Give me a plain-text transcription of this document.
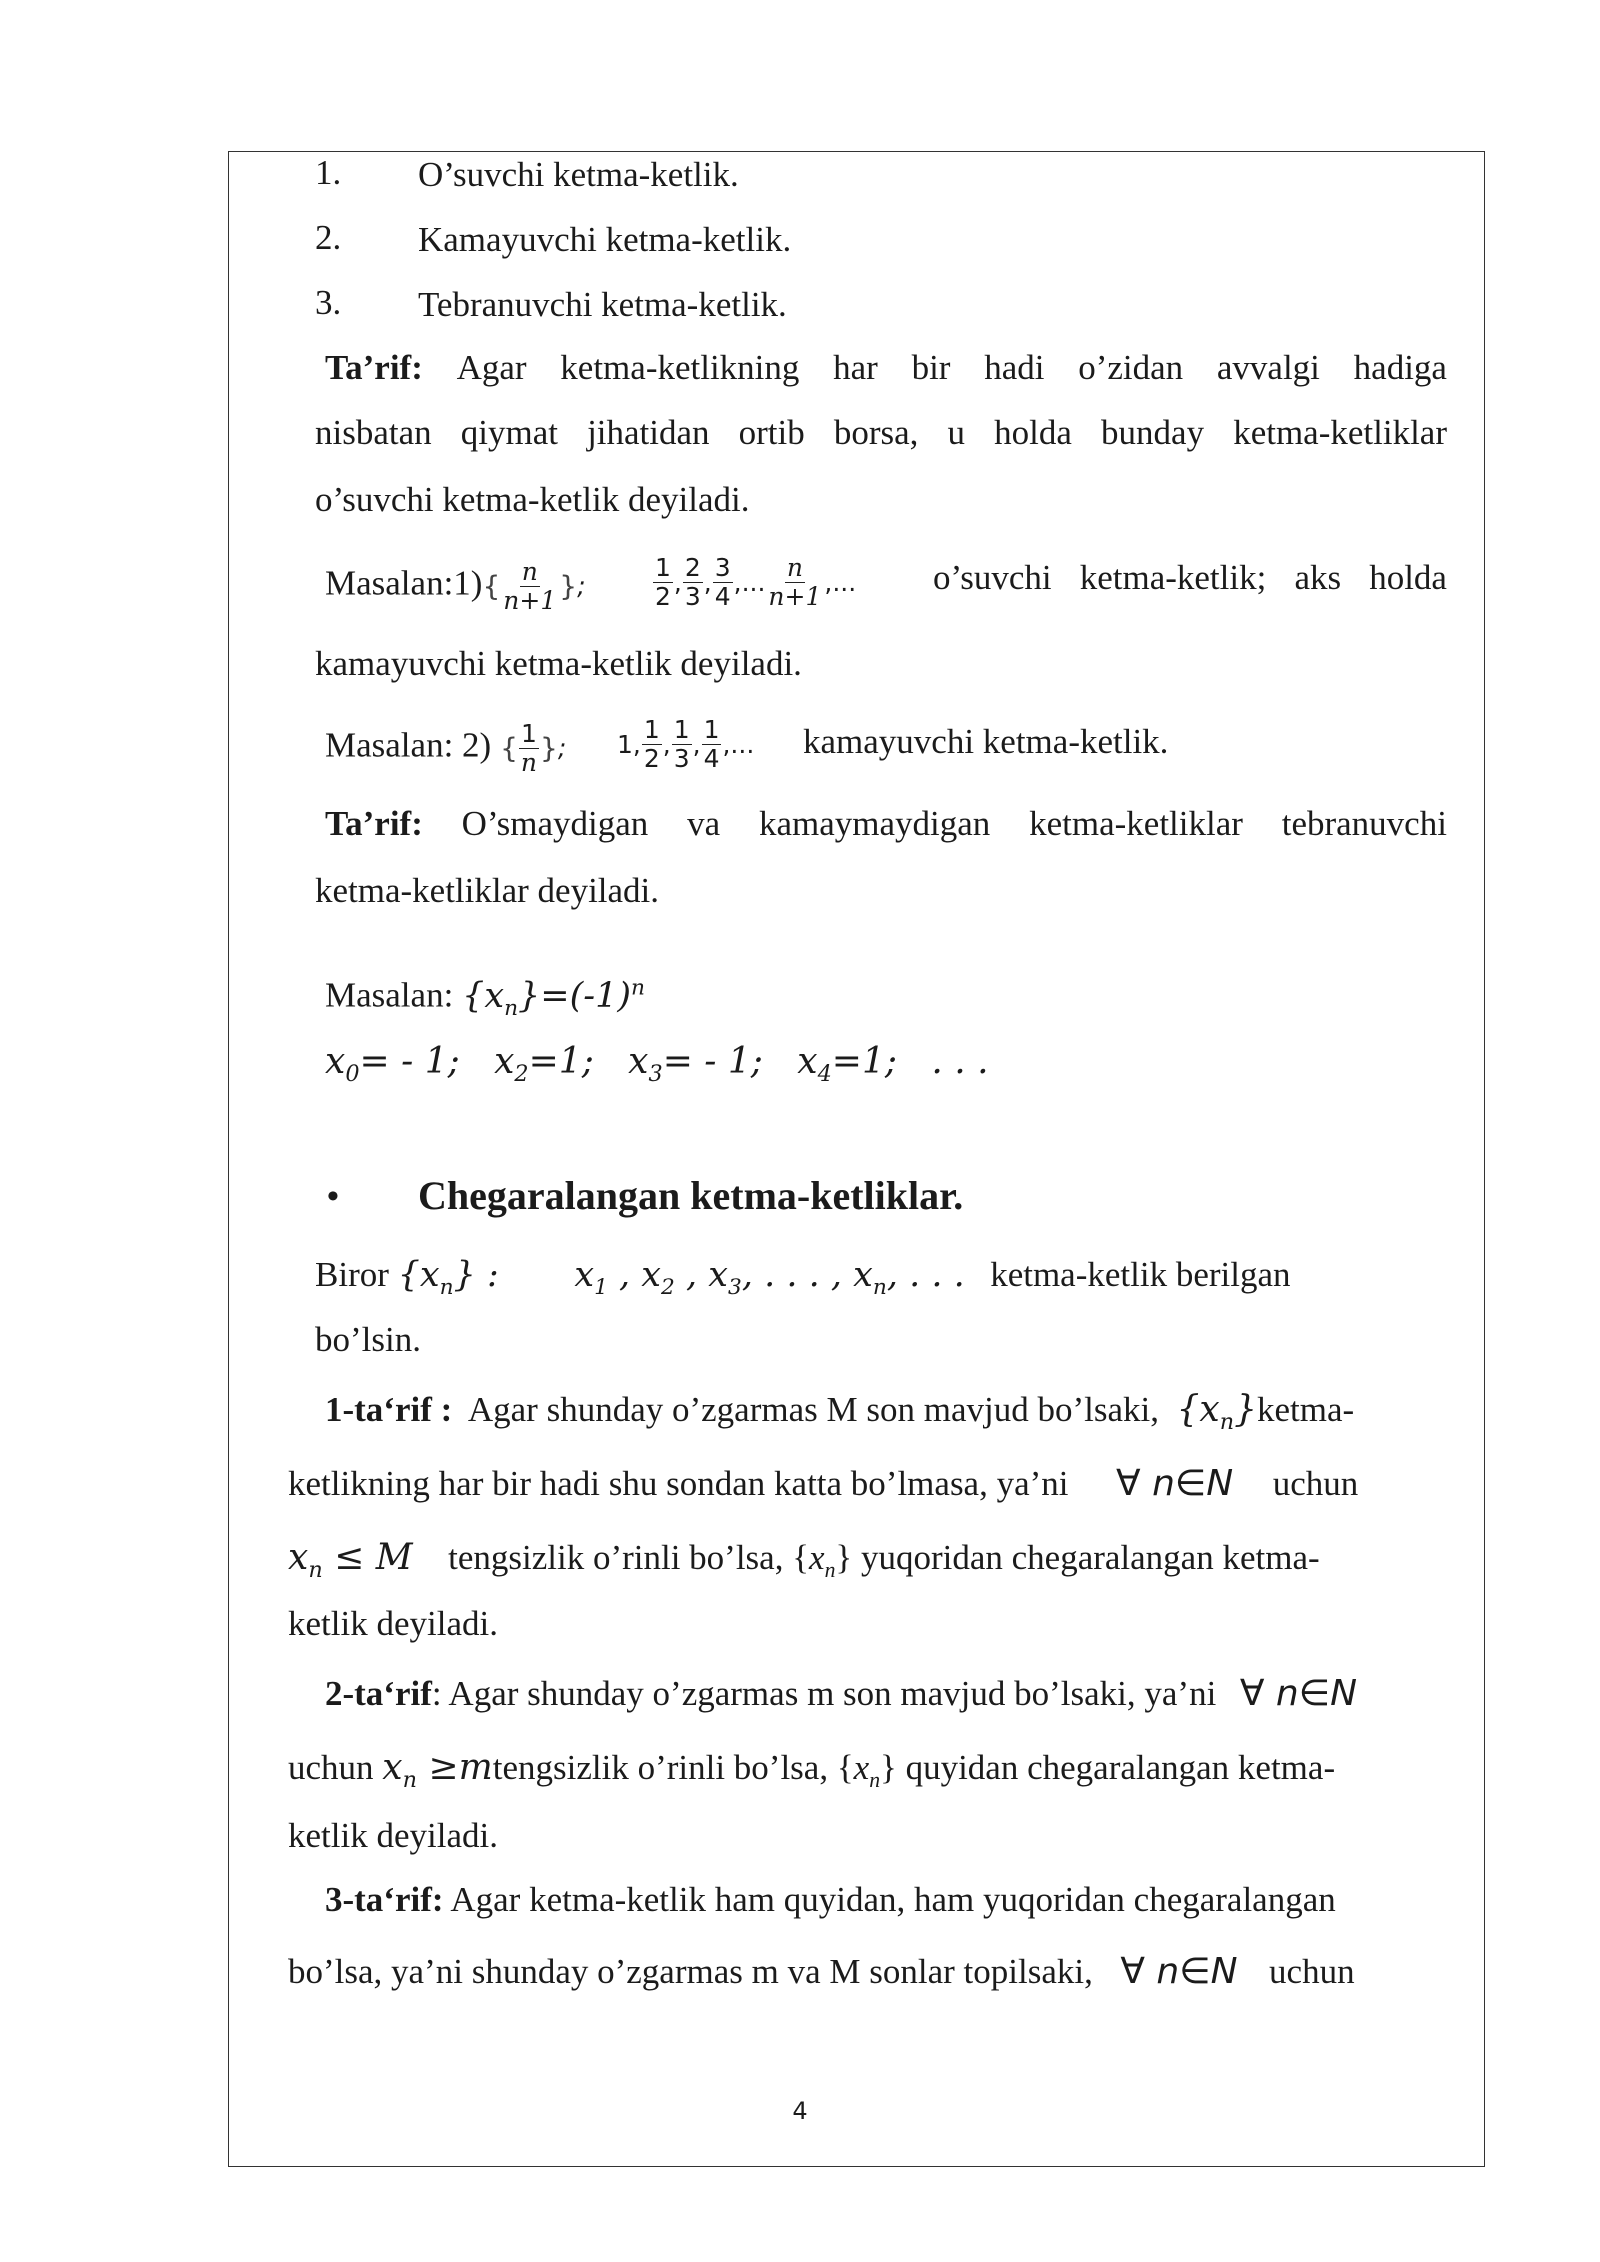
1. O’suvchi ketma-ketlik.
2. Kamayuvchi ketma-ketlik.
3. Tebranuvchi ketma-ketlik.
Ta’rif: Agar ketma-ketlikning har bir hadi o’zidan avvalgi hadiga
nisbatan qiymat jihatidan ortib borsa, u holda bunday ketma-ketliklar
o’suvchi ketma-ketlik deyiladi.
Masalan:1){ $\frac{n}{n+1}$ };	$\frac{1}{2}$ , $\frac{2}{3}$ , $\frac{3}{4}$ ,... $\frac{n}{n+1}$ ,... o’suvchi ketma-ketlik; aks holda
kamayuvchi ketma-ketlik deyiladi.
Masalan: 2) { $\frac{1}{n}$ }; 1, $\frac{1}{2}$ , $\frac{1}{3}$ , $\frac{1}{4}$ ,... kamayuvchi ketma-ketlik.
Ta’rif: O’smaydigan va kamaymaydigan ketma-ketliklar tebranuvchi
ketma-ketliklar deyiladi.
Masalan: $\{x_n\}=(-1)^n$
$x_0= - 1$; $x_2=1$; $x_3= - 1$; $x_4=1$; . . .
• Chegaralangan ketma-ketliklar.
Biror $\{x_n\}$ : $x_1$ , $x_2$ , $x_3$, . . . , $x_n$, . . . ketma-ketlik berilgan
bo’lsin.
1-ta‘rif : Agar shunday o’zgarmas M son mavjud bo’lsaki, $\{x_n\}ketma-$
ketlikning har bir hadi shu sondan katta bo’lmasa, ya’ni ∀ n∈N uchun
$x_n \le M$ tengsizlik o’rinli bo’lsa, $\{x_n\}$ yuqoridan chegaralangan ketma-
ketlik deyiladi.
2-ta‘rif: Agar shunday o’zgarmas m son mavjud bo’lsaki, ya’ni ∀ n∈N
uchun $x_n$ ≥mtengsizlik o’rinli bo’lsa, $\{x_n\}$ quyidan chegaralangan ketma-
ketlik deyiladi.
3-ta‘rif: Agar ketma-ketlik ham quyidan, ham yuqoridan chegaralangan
bo’lsa, ya’ni shunday o’zgarmas m va M sonlar topilsaki, ∀ n∈N uchun
4
